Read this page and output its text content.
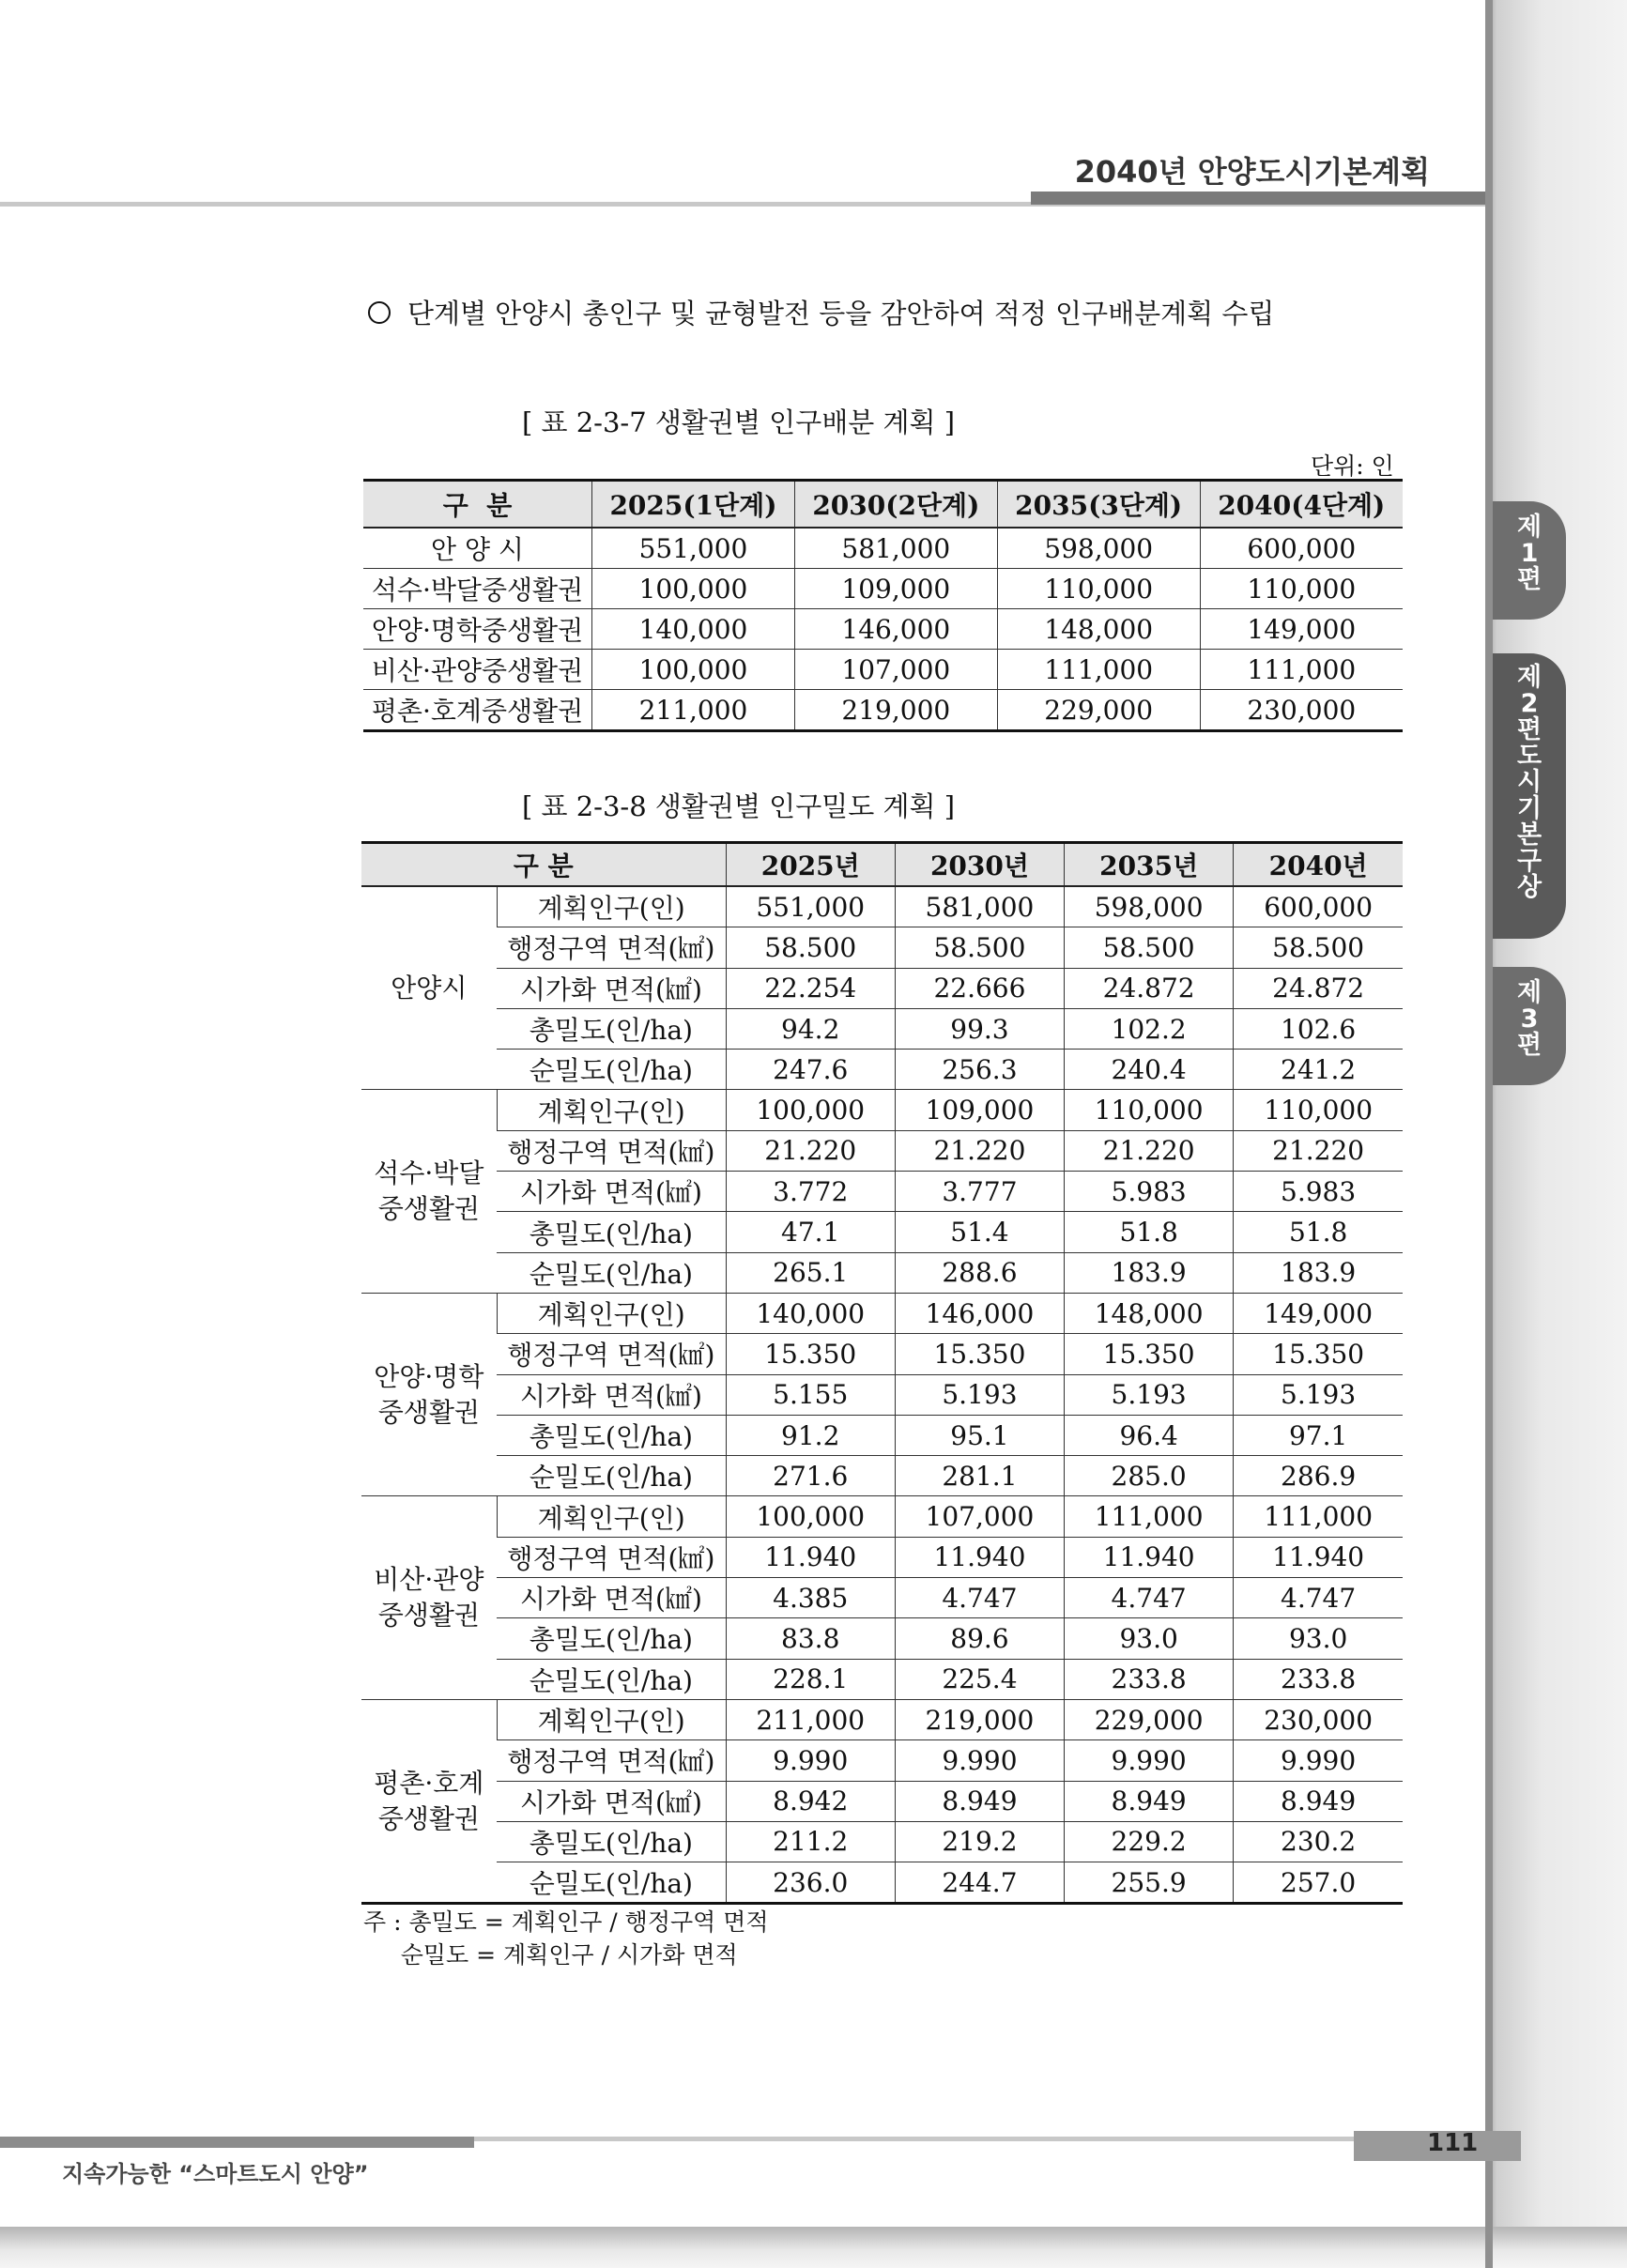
2040년 안양도시기본계획
단계별 안양시 총인구 및 균형발전 등을 감안하여 적정 인구배분계획 수립
[ 표 2-3-7 생활권별 인구배분 계획 ]
단위: 인
구  분	2025(1단계)	2030(2단계)	2035(3단계)	2040(4단계)
안 양 시	551,000	581,000	598,000	600,000
석수·박달중생활권	100,000	109,000	110,000	110,000
안양·명학중생활권	140,000	146,000	148,000	149,000
비산·관양중생활권	100,000	107,000	111,000	111,000
평촌·호계중생활권	211,000	219,000	229,000	230,000
[ 표 2-3-8 생활권별 인구밀도 계획 ]
구 분		2025년	2030년	2035년	2040년
안양시	계획인구(인)	551,000	581,000	598,000	600,000
	행정구역 면적(㎢)	58.500	58.500	58.500	58.500
	시가화 면적(㎢)	22.254	22.666	24.872	24.872
	총밀도(인/ha)	94.2	99.3	102.2	102.6
	순밀도(인/ha)	247.6	256.3	240.4	241.2
석수·박달
중생활권	계획인구(인)	100,000	109,000	110,000	110,000
	행정구역 면적(㎢)	21.220	21.220	21.220	21.220
	시가화 면적(㎢)	3.772	3.777	5.983	5.983
	총밀도(인/ha)	47.1	51.4	51.8	51.8
	순밀도(인/ha)	265.1	288.6	183.9	183.9
안양·명학
중생활권	계획인구(인)	140,000	146,000	148,000	149,000
	행정구역 면적(㎢)	15.350	15.350	15.350	15.350
	시가화 면적(㎢)	5.155	5.193	5.193	5.193
	총밀도(인/ha)	91.2	95.1	96.4	97.1
	순밀도(인/ha)	271.6	281.1	285.0	286.9
비산·관양
중생활권	계획인구(인)	100,000	107,000	111,000	111,000
	행정구역 면적(㎢)	11.940	11.940	11.940	11.940
	시가화 면적(㎢)	4.385	4.747	4.747	4.747
	총밀도(인/ha)	83.8	89.6	93.0	93.0
	순밀도(인/ha)	228.1	225.4	233.8	233.8
평촌·호계
중생활권	계획인구(인)	211,000	219,000	229,000	230,000
	행정구역 면적(㎢)	9.990	9.990	9.990	9.990
	시가화 면적(㎢)	8.942	8.949	8.949	8.949
	총밀도(인/ha)	211.2	219.2	229.2	230.2
	순밀도(인/ha)	236.0	244.7	255.9	257.0
주 : 총밀도 = 계획인구 / 행정구역 면적
순밀도 = 계획인구 / 시가화 면적
제
1
편
제
2
편
도
시
기
본
구
상
제
3
편
지속가능한 “스마트도시 안양”
111
